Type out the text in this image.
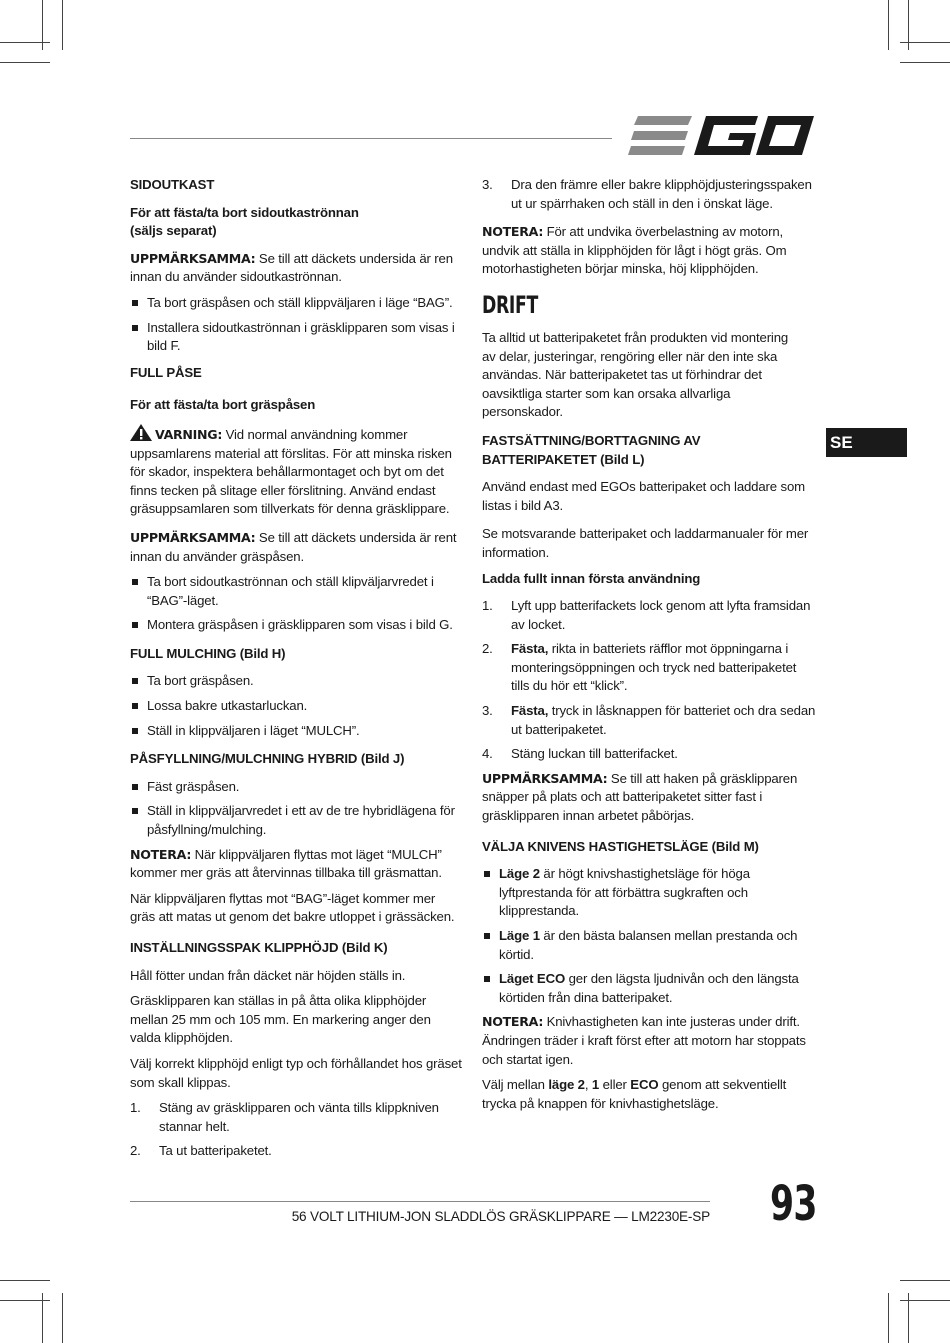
SIDOUTKAST
För att fästa/ta bort sidoutkaströnnan (säljs separat)

UPPMÄRKSAMMA: Se till att däckets undersida är ren innan du använder sidoutkaströnnan.

Ta bort gräspåsen och ställ klippväljaren i läge “BAG”.
Installera sidoutkaströnnan i gräsklipparen som visas i bild F.
FULL PÅSE
För att fästa/ta bort gräspåsen

VARNING: Vid normal användning kommer uppsamlarens material att förslitas. För att minska risken för skador, inspektera behållarmontaget och byt om det finns tecken på slitage eller förslitning. Använd endast gräsuppsamlaren som tillverkats för denna gräsklippare.

UPPMÄRKSAMMA: Se till att däckets undersida är rent innan du använder gräspåsen.

Ta bort sidoutkaströnnan och ställ klipväljarvredet i “BAG”-läget.
Montera gräspåsen i gräsklipparen som visas i bild G.
FULL MULCHING (Bild H)
Ta bort gräspåsen.
Lossa bakre utkastarluckan.
Ställ in klippväljaren i läget “MULCH”.
PÅSFYLLNING/MULCHNING HYBRID (Bild J)
Fäst gräspåsen.
Ställ in klippväljarvredet i ett av de tre hybridlägena för påsfyllning/mulching.

NOTERA: När klippväljaren flyttas mot läget “MULCH” kommer mer gräs att återvinnas tillbaka till gräsmattan.

När klippväljaren flyttas mot “BAG”-läget kommer mer gräs att matas ut genom det bakre utloppet i grässäcken.

INSTÄLLNINGSSPAK KLIPPHÖJD (Bild K)

Håll fötter undan från däcket när höjden ställs in.

Gräsklipparen kan ställas in på åtta olika klipphöjder mellan 25 mm och 105 mm. En markering anger den valda klipphöjden.

Välj korrekt klipphöjd enligt typ och förhållandet hos gräset som skall klippas.

1. Stäng av gräsklipparen och vänta tills klippkniven stannar helt.
2. Ta ut batteripaketet.
3. Dra den främre eller bakre klipphöjdjusteringsspaken ut ur spärrhaken och ställ in den i önskat läge.

NOTERA: För att undvika överbelastning av motorn, undvik att ställa in klipphöjden för lågt i högt gräs. Om motorhastigheten börjar minska, höj klipphöjden.

DRIFT

Ta alltid ut batteripaketet från produkten vid montering av delar, justeringar, rengöring eller när den inte ska användas. När batteripaketet tas ut förhindrar det oavsiktliga starter som kan orsaka allvarliga personskador.

FASTSÄTTNING/BORTTAGNING AV BATTERIPAKETET (Bild L)

Använd endast med EGOs batteripaket och laddare som listas i bild A3.

Se motsvarande batteripaket och laddarmanualer för mer information.

Ladda fullt innan första användning
1. Lyft upp batterifackets lock genom att lyfta framsidan av locket.
2. Fästa, rikta in batteriets räfflor mot öppningarna i monteringsöppningen och tryck ned batteripaketet tills du hör ett “klick”.
3. Fästa, tryck in låsknappen för batteriet och dra sedan ut batteripaketet.
4. Stäng luckan till batterifacket.

UPPMÄRKSAMMA: Se till att haken på gräsklipparen snäpper på plats och att batteripaketet sitter fast i gräsklipparen innan arbetet påbörjas.

VÄLJA KNIVENS HASTIGHETSLÄGE (Bild M)
Läge 2 är högt knivshastighetsläge för höga lyftprestanda för att förbättra sugkraften och klipprestanda.
Läge 1 är den bästa balansen mellan prestanda och körtid.
Läget ECO ger den lägsta ljudnivån och den längsta körtiden från dina batteripaket.

NOTERA: Knivhastigheten kan inte justeras under drift. Ändringen träder i kraft först efter att motorn har stoppats och startat igen.

Välj mellan läge 2, 1 eller ECO genom att sekventiellt trycka på knappen för knivhastighetsläge.

SE
56 VOLT LITHIUM-JON SLADDLÖS GRÄSKLIPPARE — LM2230E-SP 93
